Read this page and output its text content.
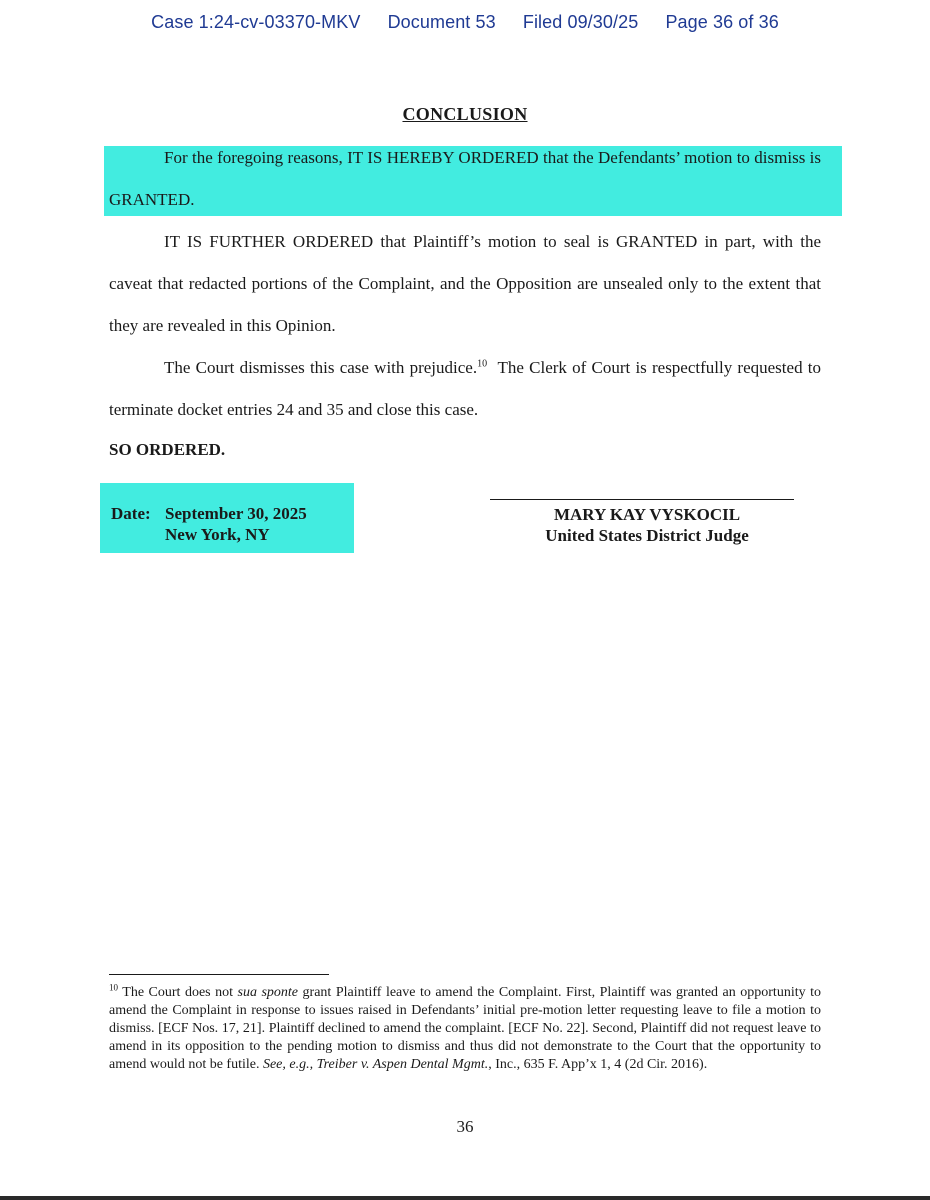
Case 1:24-cv-03370-MKV Document 53 Filed 09/30/25 Page 36 of 36
CONCLUSION
For the foregoing reasons, IT IS HEREBY ORDERED that the Defendants’ motion to dismiss is GRANTED.
IT IS FURTHER ORDERED that Plaintiff’s motion to seal is GRANTED in part, with the caveat that redacted portions of the Complaint, and the Opposition are unsealed only to the extent that they are revealed in this Opinion.
The Court dismisses this case with prejudice.$^{10}$ The Clerk of Court is respectfully requested to terminate docket entries 24 and 35 and close this case.
SO ORDERED.
Date: September 30, 2025
New York, NY
MARY KAY VYSKOCIL
United States District Judge
$^{10}$ The Court does not sua sponte grant Plaintiff leave to amend the Complaint. First, Plaintiff was granted an opportunity to amend the Complaint in response to issues raised in Defendants’ initial pre-motion letter requesting leave to file a motion to dismiss. [ECF Nos. 17, 21]. Plaintiff declined to amend the complaint. [ECF No. 22]. Second, Plaintiff did not request leave to amend in its opposition to the pending motion to dismiss and thus did not demonstrate to the Court that the opportunity to amend would not be futile. See, e.g., Treiber v. Aspen Dental Mgmt., Inc., 635 F. App’x 1, 4 (2d Cir. 2016).
36
